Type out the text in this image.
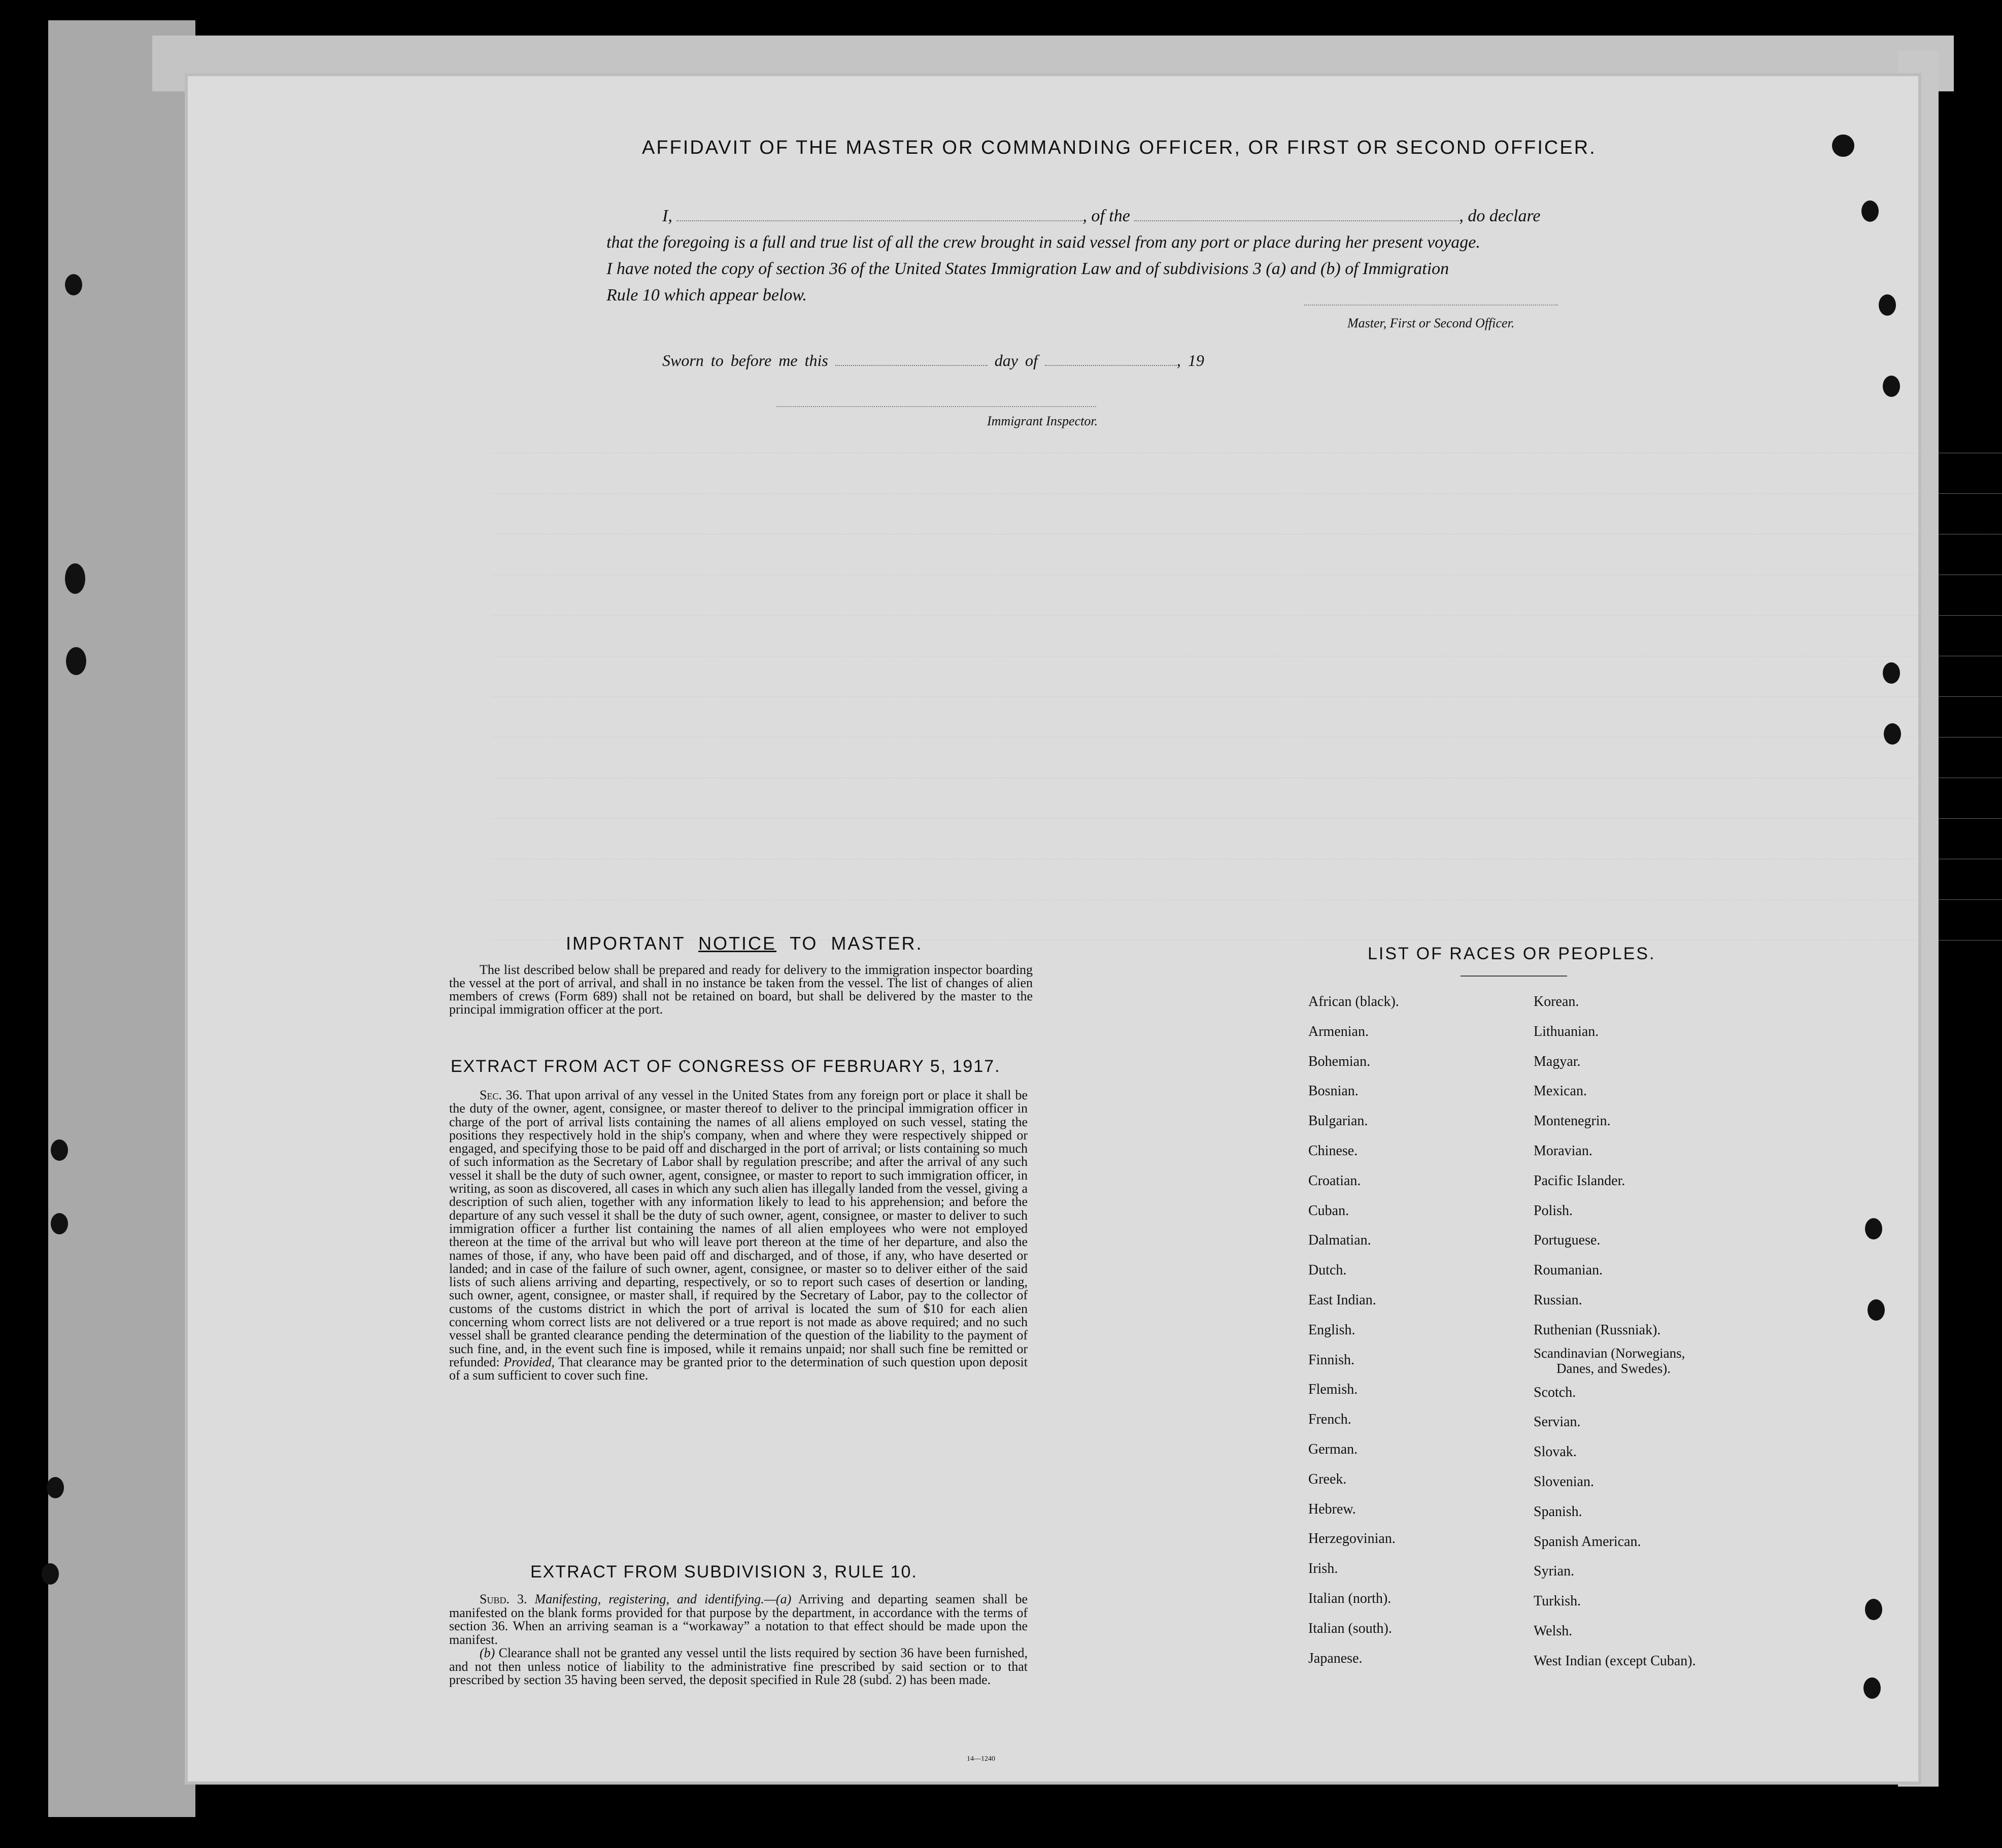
AFFIDAVIT OF THE MASTER OR COMMANDING OFFICER, OR FIRST OR SECOND OFFICER.
I,	, of the	, do declare
that the foregoing is a full and true list of all the crew brought in said vessel from any port or place during her present voyage.
I have noted the copy of section 36 of the United States Immigration Law and of subdivisions 3 (a) and (b) of Immigration
Rule 10 which appear below.
Master, First or Second Officer.
Sworn to before me this	day of	, 19
Immigrant Inspector.
IMPORTANT NOTICE TO MASTER.
The list described below shall be prepared and ready for delivery to the immigration inspector boarding the vessel at the port of arrival, and shall in no instance be taken from the vessel. The list of changes of alien members of crews (Form 689) shall not be retained on board, but shall be delivered by the master to the principal immigration officer at the port.
EXTRACT FROM ACT OF CONGRESS OF FEBRUARY 5, 1917.
Sec. 36. That upon arrival of any vessel in the United States from any foreign port or place it shall be the duty of the owner, agent, consignee, or master thereof to deliver to the principal immigration officer in charge of the port of arrival lists containing the names of all aliens employed on such vessel, stating the positions they respectively hold in the ship's company, when and where they were respectively shipped or engaged, and specifying those to be paid off and discharged in the port of arrival; or lists containing so much of such information as the Secretary of Labor shall by regulation prescribe; and after the arrival of any such vessel it shall be the duty of such owner, agent, consignee, or master to report to such immigration officer, in writing, as soon as discovered, all cases in which any such alien has illegally landed from the vessel, giving a description of such alien, together with any information likely to lead to his apprehension; and before the departure of any such vessel it shall be the duty of such owner, agent, consignee, or master to deliver to such immigration officer a further list containing the names of all alien employees who were not employed thereon at the time of the arrival but who will leave port thereon at the time of her departure, and also the names of those, if any, who have been paid off and discharged, and of those, if any, who have deserted or landed; and in case of the failure of such owner, agent, consignee, or master so to deliver either of the said lists of such aliens arriving and departing, respectively, or so to report such cases of desertion or landing, such owner, agent, consignee, or master shall, if required by the Secretary of Labor, pay to the collector of customs of the customs district in which the port of arrival is located the sum of $10 for each alien concerning whom correct lists are not delivered or a true report is not made as above required; and no such vessel shall be granted clearance pending the determination of the question of the liability to the payment of such fine, and, in the event such fine is imposed, while it remains unpaid; nor shall such fine be remitted or refunded: Provided, That clearance may be granted prior to the determination of such question upon deposit of a sum sufficient to cover such fine.
EXTRACT FROM SUBDIVISION 3, RULE 10.

Subd. 3. Manifesting, registering, and identifying.—(a) Arriving and departing seamen shall be manifested on the blank forms provided for that purpose by the department, in accordance with the terms of section 36. When an arriving seaman is a “workaway” a notation to that effect should be made upon the manifest.

(b) Clearance shall not be granted any vessel until the lists required by section 36 have been furnished, and not then unless notice of liability to the administrative fine prescribed by said section or to that prescribed by section 35 having been served, the deposit specified in Rule 28 (subd. 2) has been made.

14—1240
LIST OF RACES OR PEOPLES.
African (black).
Armenian.
Bohemian.
Bosnian.
Bulgarian.
Chinese.
Croatian.
Cuban.
Dalmatian.
Dutch.
East Indian.
English.
Finnish.
Flemish.
French.
German.
Greek.
Hebrew.
Herzegovinian.
Irish.
Italian (north).
Italian (south).
Japanese.
Korean.
Lithuanian.
Magyar.
Mexican.
Montenegrin.
Moravian.
Pacific Islander.
Polish.
Portuguese.
Roumanian.
Russian.
Ruthenian (Russniak).
Scandinavian (Norwegians,
Danes, and Swedes).
Scotch.
Servian.
Slovak.
Slovenian.
Spanish.
Spanish American.
Syrian.
Turkish.
Welsh.
West Indian (except Cuban).
